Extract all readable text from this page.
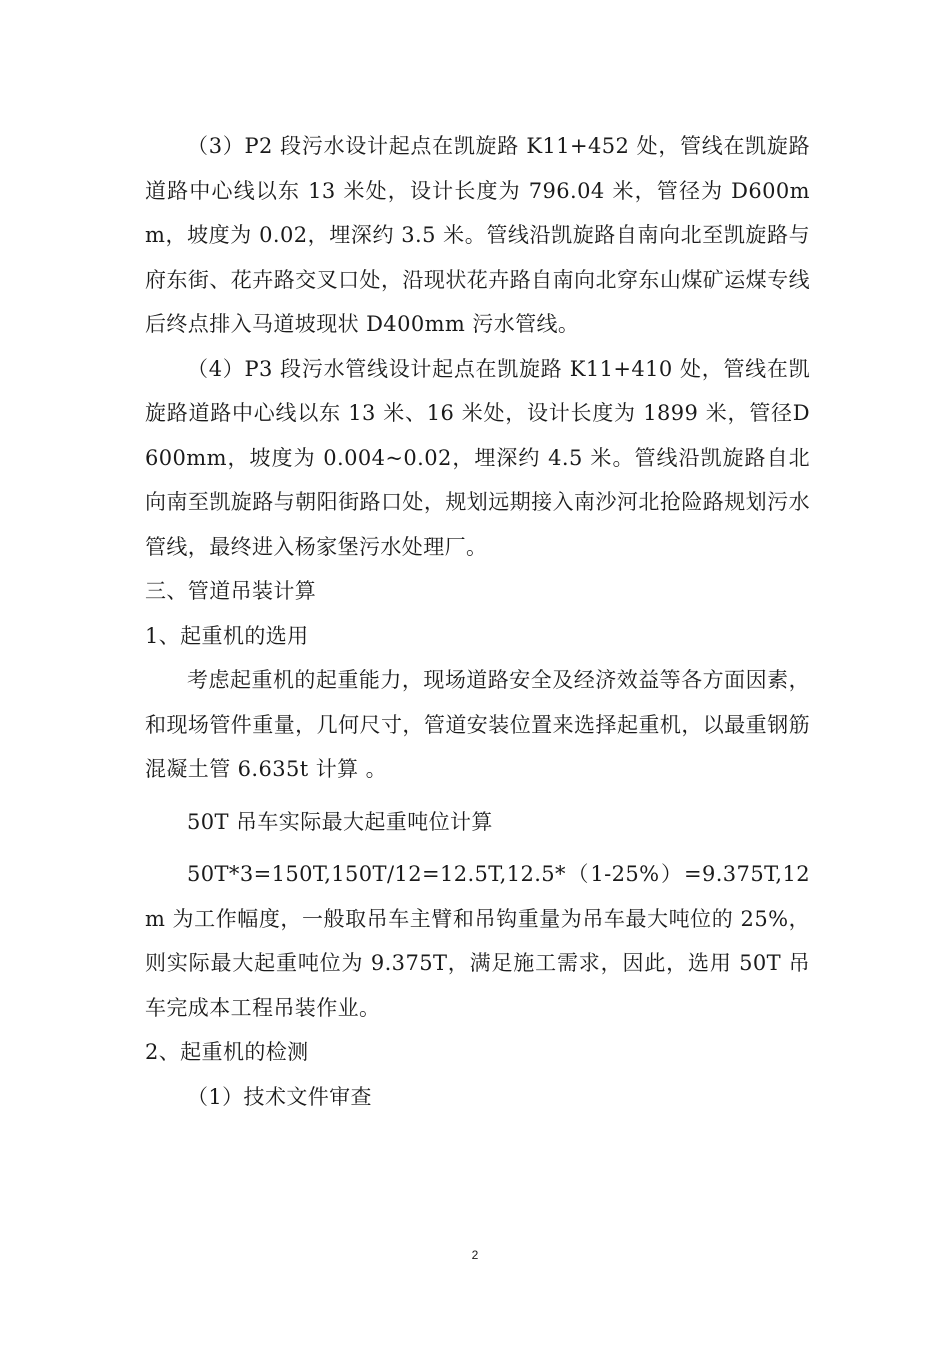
（3）P2 段污水设计起点在凯旋路 K11+452 处，管线在凯旋路道路中心线以东 13 米处，设计长度为 796.04 米，管径为 D600mm，坡度为 0.02，埋深约 3.5 米。管线沿凯旋路自南向北至凯旋路与府东街、花卉路交叉口处，沿现状花卉路自南向北穿东山煤矿运煤专线后终点排入马道坡现状 D400mm 污水管线。

（4）P3 段污水管线设计起点在凯旋路 K11+410 处，管线在凯旋路道路中心线以东 13 米、16 米处，设计长度为 1899 米，管径D600mm，坡度为 0.004~0.02，埋深约 4.5 米。管线沿凯旋路自北向南至凯旋路与朝阳街路口处，规划远期接入南沙河北抢险路规划污水管线，最终进入杨家堡污水处理厂。

三、管道吊装计算

1、起重机的选用

考虑起重机的起重能力，现场道路安全及经济效益等各方面因素，和现场管件重量，几何尺寸，管道安装位置来选择起重机，以最重钢筋混凝土管 6.635t 计算 。

50T 吊车实际最大起重吨位计算

50T*3=150T,150T/12=12.5T,12.5*（1-25%）=9.375T,12m 为工作幅度，一般取吊车主臂和吊钩重量为吊车最大吨位的 25%，则实际最大起重吨位为 9.375T，满足施工需求，因此，选用 50T 吊车完成本工程吊装作业。

2、起重机的检测

（1）技术文件审查

2
